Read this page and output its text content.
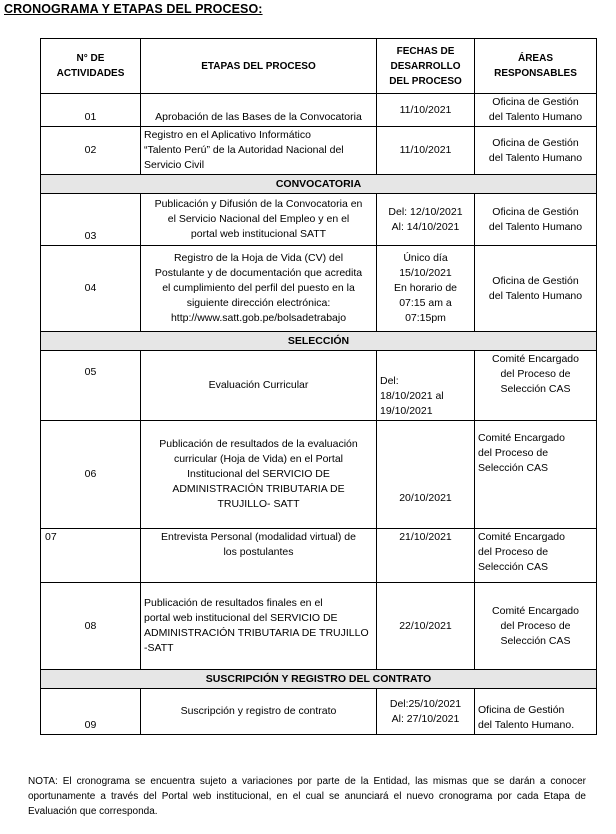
CRONOGRAMA Y ETAPAS DEL PROCESO:
N° DE
ACTIVIDADES	ETAPAS DEL PROCESO	FECHAS DE
DESARROLLO
DEL PROCESO	ÁREAS
RESPONSABLES
01	Aprobación de las Bases de la Convocatoria	11/10/2021	Oficina de Gestión
del Talento Humano
02	Registro en el Aplicativo Informático
“Talento Perú” de la Autoridad Nacional del
Servicio Civil	11/10/2021	Oficina de Gestión
del Talento Humano
CONVOCATORIA			
03	Publicación y Difusión de la Convocatoria en
el Servicio Nacional del Empleo y en el
portal web institucional SATT	Del: 12/10/2021
Al: 14/10/2021	Oficina de Gestión
del Talento Humano
04	Registro de la Hoja de Vida (CV) del
Postulante y de documentación que acredita
el cumplimiento del perfil del puesto en la
siguiente dirección electrónica:
http://www.satt.gob.pe/bolsadetrabajo	Único día
15/10/2021
En horario de
07:15 am a
07:15pm	Oficina de Gestión
del Talento Humano
SELECCIÓN			
05	Evaluación Curricular	Del:
18/10/2021 al
19/10/2021	Comité Encargado
del Proceso de
Selección CAS
06	Publicación de resultados de la evaluación
curricular (Hoja de Vida) en el Portal
Institucional del SERVICIO DE
ADMINISTRACIÓN TRIBUTARIA DE
TRUJILLO- SATT	20/10/2021	Comité Encargado
del Proceso de
Selección CAS
07	Entrevista Personal (modalidad virtual) de
los postulantes	21/10/2021	Comité Encargado
del Proceso de
Selección CAS
08	Publicación de resultados finales en el
portal web institucional del SERVICIO DE
ADMINISTRACIÓN TRIBUTARIA DE TRUJILLO
-SATT	22/10/2021	Comité Encargado
del Proceso de
Selección CAS
SUSCRIPCIÓN Y REGISTRO DEL CONTRATO			
09	Suscripción y registro de contrato	Del:25/10/2021
Al: 27/10/2021	Oficina de Gestión
del Talento Humano.
NOTA: El cronograma se encuentra sujeto a variaciones por parte de la Entidad, las mismas que se darán a conocer oportunamente a través del Portal web institucional, en el cual se anunciará el nuevo cronograma por cada Etapa de Evaluación que corresponda.
